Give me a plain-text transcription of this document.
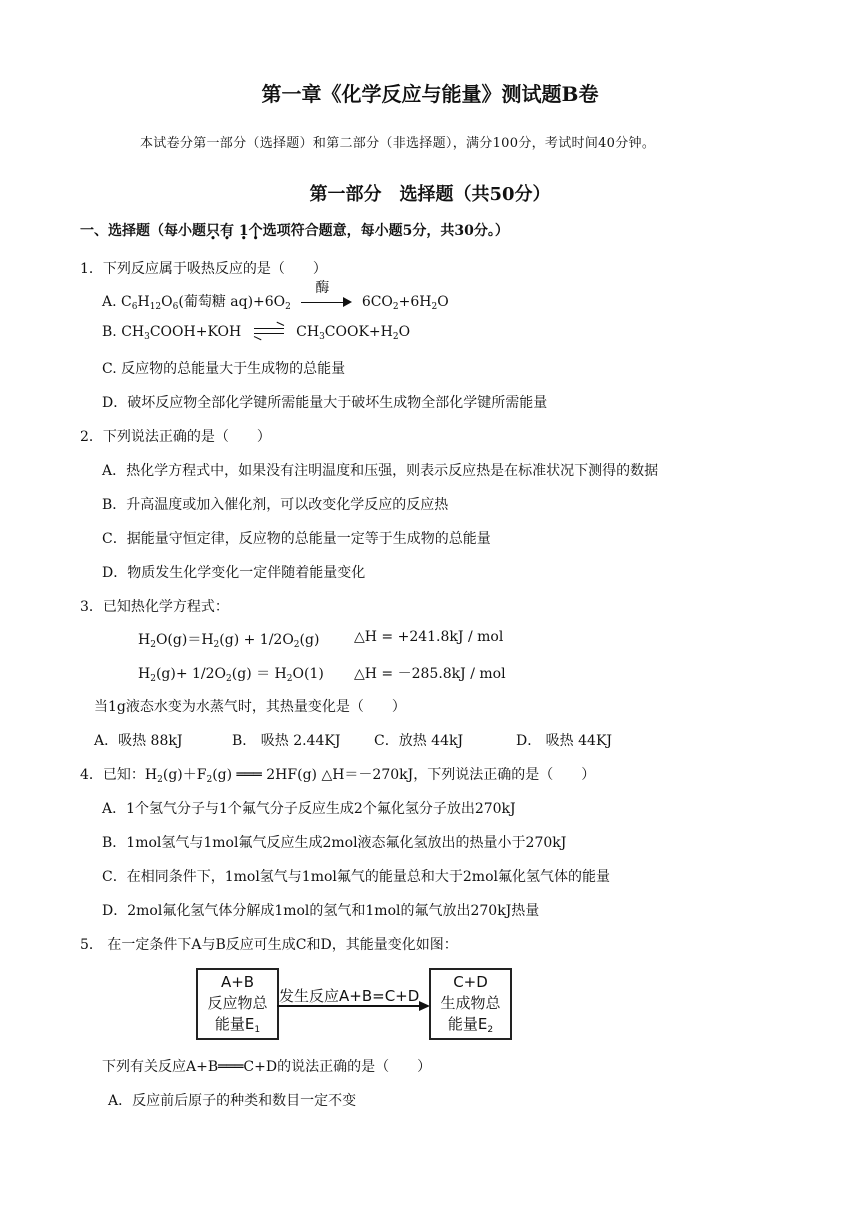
第一章《化学反应与能量》测试题B卷
本试卷分第一部分（选择题）和第二部分（非选择题），满分100分，考试时间40分钟。
第一部分　选择题（共50分）
一、选择题（每小题只有 1 •个选项符合题意，每小题5分，共30分。）
1．下列反应属于吸热反应的是（　　）
A. $C_6H_{12}O_6$(葡萄糖 $aq)+6O_2$
酶
$6CO_2+6H_2O$
B. $CH_3COOH+KOH$ ⇌ $CH_3COOK+H_2O$
C. 反应物的总能量大于生成物的总能量
D．破坏反应物全部化学键所需能量大于破坏生成物全部化学键所需能量
2．下列说法正确的是（　　）
A．热化学方程式中，如果没有注明温度和压强，则表示反应热是在标准状况下测得的数据
B．升高温度或加入催化剂，可以改变化学反应的反应热
C．据能量守恒定律，反应物的总能量一定等于生成物的总能量
D．物质发生化学变化一定伴随着能量变化
3．已知热化学方程式：
$H_2O(g)=H_2(g) + 1/2O_2(g)$ △H = +241.8kJ / mol
$H_2(g)+ 1/2O_2(g) = H_2O(1)$ △H = －285.8kJ / mol
当1g液态水变为水蒸气时，其热量变化是（　　）
A．吸热 88kJ	B． 吸热 2.44KJ C．放热 44kJ	D． 吸热 44KJ
4．已知：$H_2(g)+F_2(g)$ ═══ 2HF(g) △H＝－270kJ，下列说法正确的是（　　）
A．1个氢气分子与1个氟气分子反应生成2个氟化氢分子放出270kJ
B．1mol氢气与1mol氟气反应生成2mol液态氟化氢放出的热量小于270kJ
C．在相同条件下，1mol氢气与1mol氟气的能量总和大于2mol氟化氢气体的能量
D．2mol氟化氢气体分解成1mol的氢气和1mol的氟气放出270kJ热量
5． 在一定条件下A与B反应可生成C和D，其能量变化如图：
A+B
反应物总
能量$E_1$
发生反应A+B=C+D
C+D
生成物总
能量$E_2$
下列有关反应A+B═══C+D的说法正确的是（　　）
A．反应前后原子的种类和数目一定不变
